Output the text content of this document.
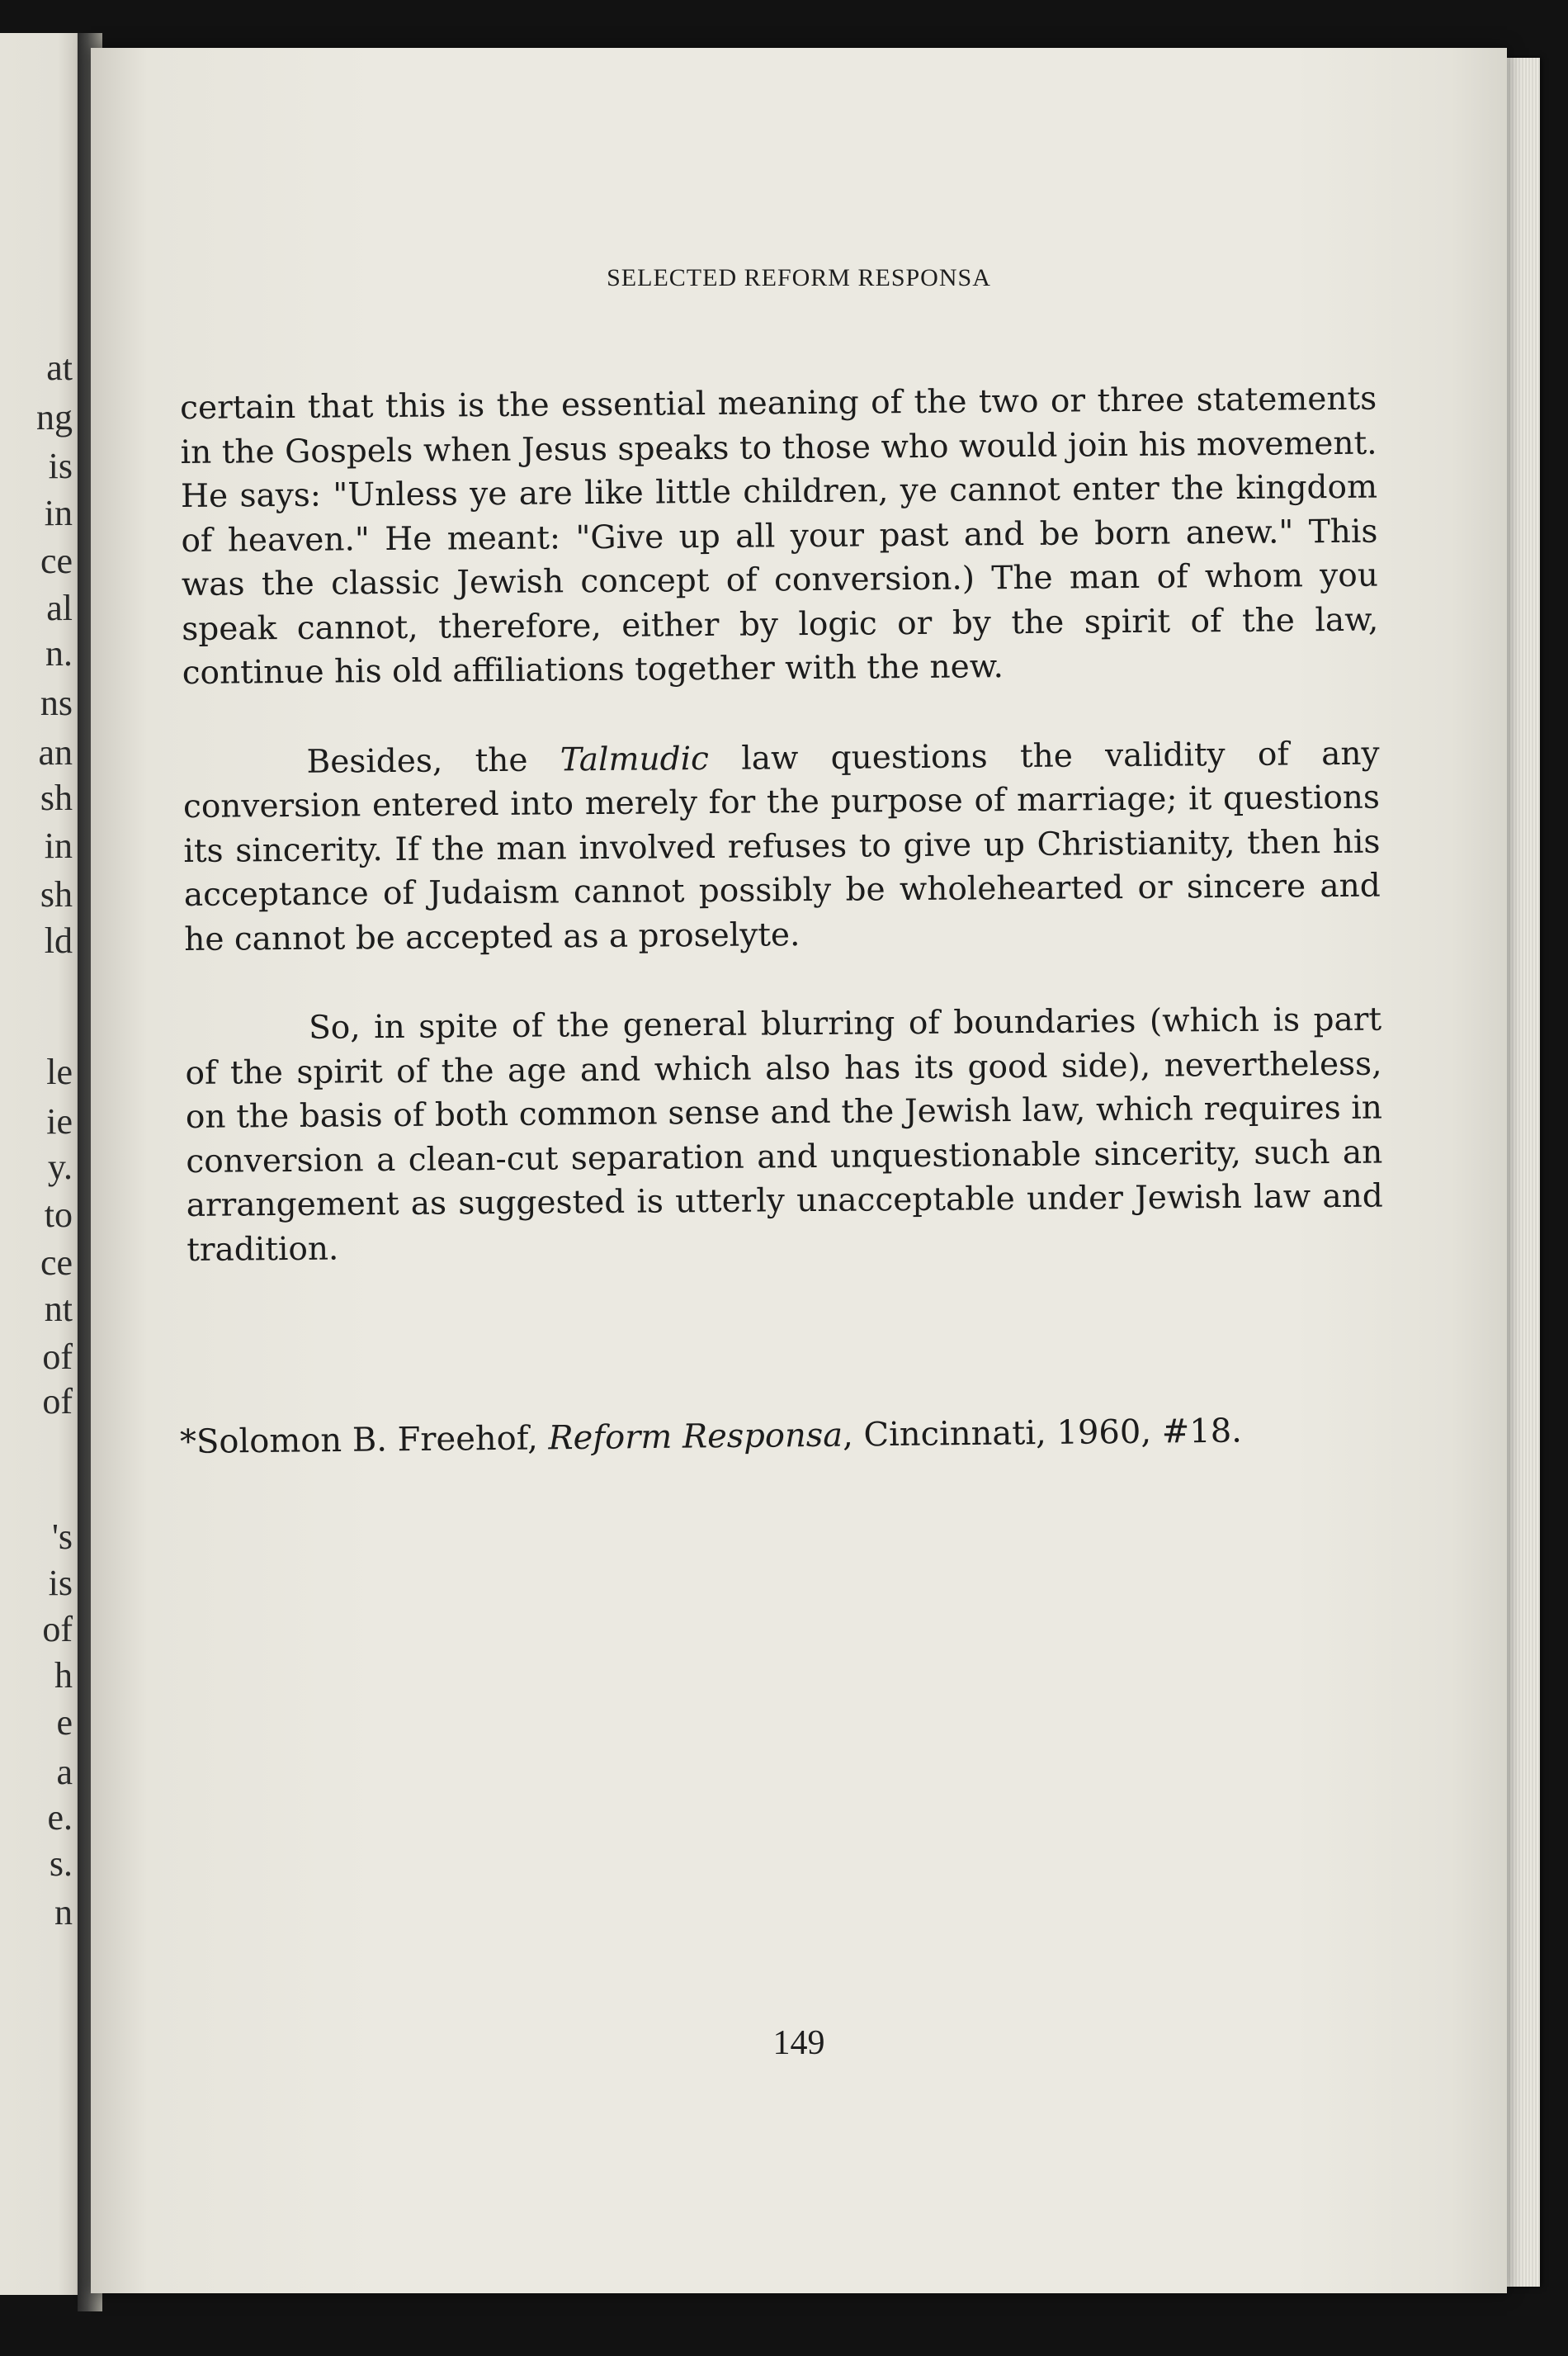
at
ng
is
in
ce
al
n.
ns
an
sh
in
sh
ld
le
ie
y.
to
ce
nt
of
of
's
is
of
h
e
a
e.
s.
n
SELECTED REFORM RESPONSA

certain that this is the essential meaning of the two or three statements in the Gospels when Jesus speaks to those who would join his movement. He says: "Unless ye are like little children, ye cannot enter the kingdom of heaven." He meant: "Give up all your past and be born anew." This was the classic Jewish concept of conversion.) The man of whom you speak cannot, therefore, either by logic or by the spirit of the law, continue his old affiliations together with the new.

Besides, the Talmudic law questions the validity of any conversion entered into merely for the purpose of marriage; it questions its sincerity. If the man involved refuses to give up Christianity, then his acceptance of Judaism cannot possibly be wholehearted or sincere and he cannot be accepted as a proselyte.

So, in spite of the general blurring of boundaries (which is part of the spirit of the age and which also has its good side), nevertheless, on the basis of both common sense and the Jewish law, which requires in conversion a clean-cut separation and unquestionable sincerity, such an arrangement as suggested is utterly unacceptable under Jewish law and tradition.

*Solomon B. Freehof, Reform Responsa, Cincinnati, 1960, #18.
149
